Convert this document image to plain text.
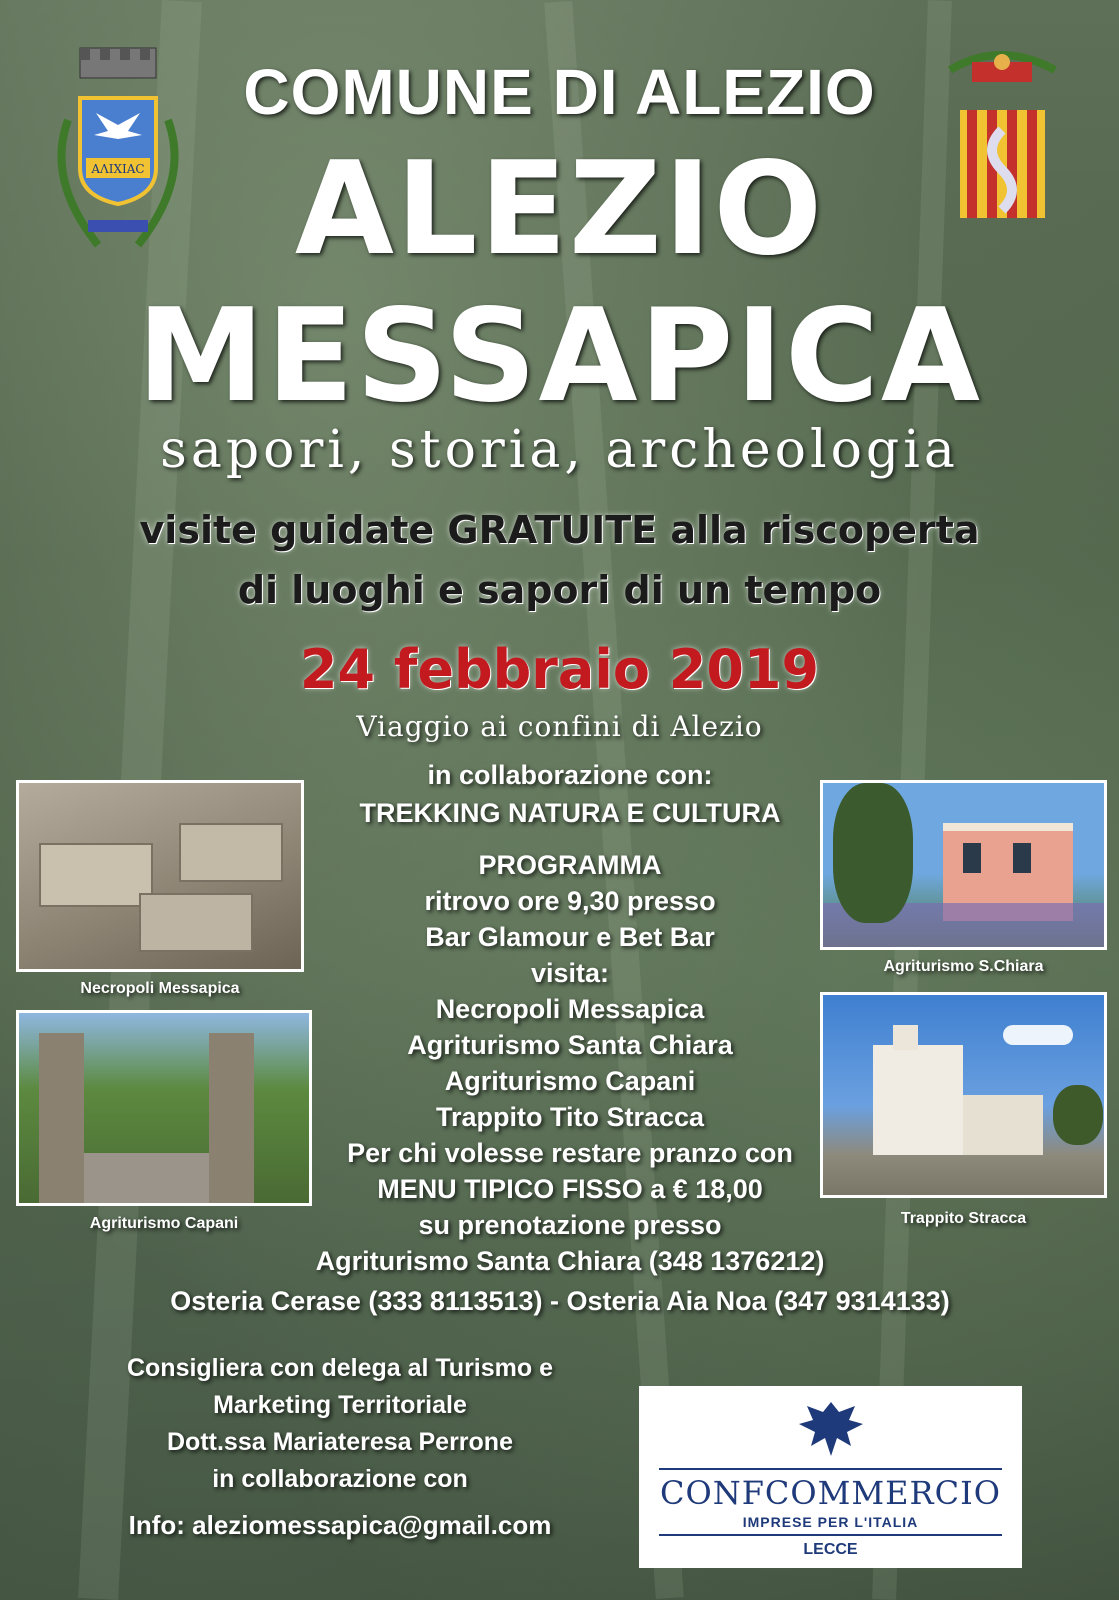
ΑΛΙΧΙΑC
COMUNE DI ALEZIO
ALEZIO
MESSAPICA
sapori, storia, archeologia
visite guidate GRATUITE alla riscoperta
di luoghi e sapori di un tempo
24 febbraio 2019
Viaggio ai confini di Alezio
in collaborazione con:
TREKKING NATURA E CULTURA
PROGRAMMA
ritrovo ore 9,30 presso
Bar Glamour e Bet Bar
visita:
Necropoli Messapica
Agriturismo Santa Chiara
Agriturismo Capani
Trappito Tito Stracca
Per chi volesse restare pranzo con
MENU TIPICO FISSO a € 18,00
su prenotazione presso
Agriturismo Santa Chiara (348 1376212)
Osteria Cerase (333 8113513) - Osteria Aia Noa (347 9314133)
Necropoli Messapica
Agriturismo S.Chiara
Agriturismo Capani	Trappito Stracca
Consigliera con delega al Turismo e
Marketing Territoriale
Dott.ssa Mariateresa Perrone
in collaborazione con
Info: aleziomessapica@gmail.com
CONFCOMMERCIO
IMPRESE PER L'ITALIA
LECCE
